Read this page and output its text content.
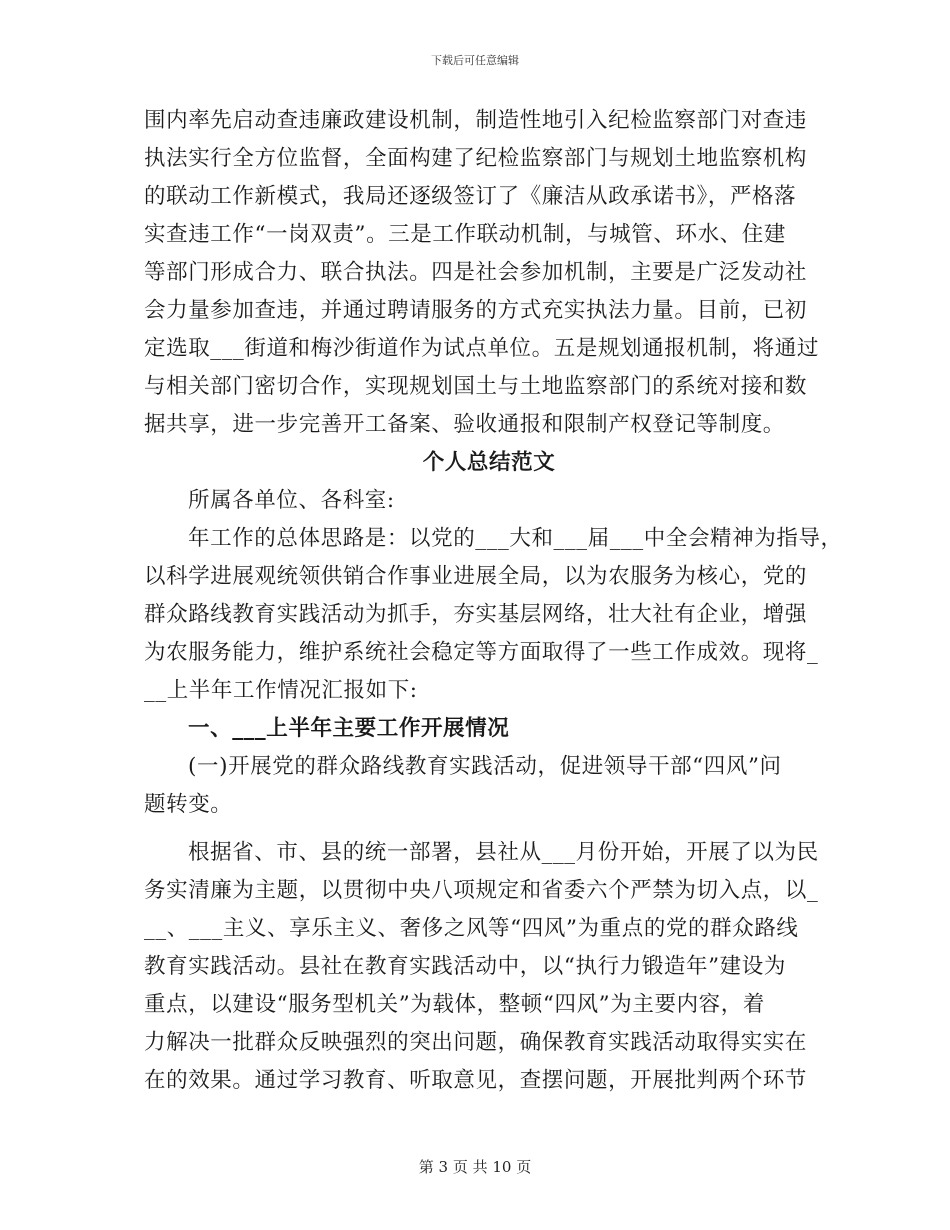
下载后可任意编辑
围内率先启动查违廉政建设机制，制造性地引入纪检监察部门对查违
执法实行全方位监督，全面构建了纪检监察部门与规划土地监察机构
的联动工作新模式，我局还逐级签订了《廉洁从政承诺书》，严格落
实查违工作“一岗双责”。三是工作联动机制，与城管、环水、住建
等部门形成合力、联合执法。四是社会参加机制，主要是广泛发动社
会力量参加查违，并通过聘请服务的方式充实执法力量。目前，已初
定选取___街道和梅沙街道作为试点单位。五是规划通报机制，将通过
与相关部门密切合作，实现规划国土与土地监察部门的系统对接和数
据共享，进一步完善开工备案、验收通报和限制产权登记等制度。
个人总结范文
所属各单位、各科室:
年工作的总体思路是：以党的___大和___届___中全会精神为指导，
以科学进展观统领供销合作事业进展全局，以为农服务为核心，党的
群众路线教育实践活动为抓手，夯实基层网络，壮大社有企业，增强
为农服务能力，维护系统社会稳定等方面取得了一些工作成效。现将_
__上半年工作情况汇报如下:
一、___上半年主要工作开展情况
(一)开展党的群众路线教育实践活动，促进领导干部“四风”问
题转变。
根据省、市、县的统一部署，县社从___月份开始，开展了以为民
务实清廉为主题，以贯彻中央八项规定和省委六个严禁为切入点，以_
__、___主义、享乐主义、奢侈之风等“四风”为重点的党的群众路线
教育实践活动。县社在教育实践活动中，以“执行力锻造年”建设为
重点，以建设“服务型机关”为载体，整顿“四风”为主要内容，着
力解决一批群众反映强烈的突出问题，确保教育实践活动取得实实在
在的效果。通过学习教育、听取意见，查摆问题，开展批判两个环节
第 3 页 共 10 页
